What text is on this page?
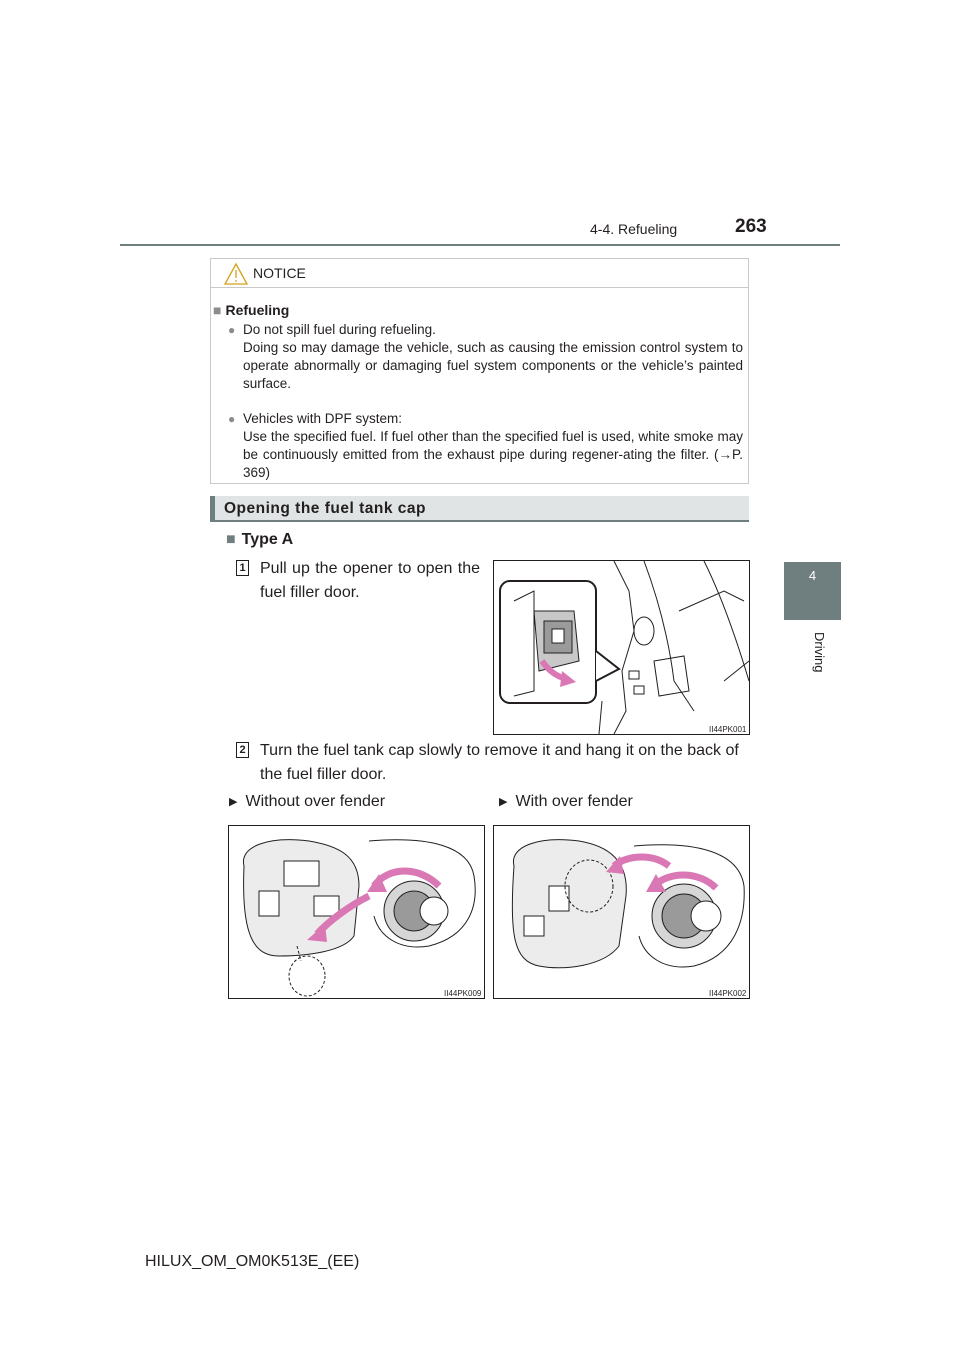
4-4. Refueling	263
4
Driving
NOTICE
■ Refueling
● Do not spill fuel during refueling.
Doing so may damage the vehicle, such as causing the emission control system to operate abnormally or damaging fuel system components or the vehicle’s painted surface.
● Vehicles with DPF system:
Use the specified fuel. If fuel other than the specified fuel is used, white smoke may be continuously emitted from the exhaust pipe during regener-ating the filter. (→P. 369)
Opening the fuel tank cap
■ Type A
1 Pull up the opener to open the fuel filler door.
II44PK001
2 Turn the fuel tank cap slowly to remove it and hang it on the back of the fuel filler door.
▶ Without over fender	▶ With over fender
II44PK009	II44PK002
HILUX_OM_OM0K513E_(EE)
